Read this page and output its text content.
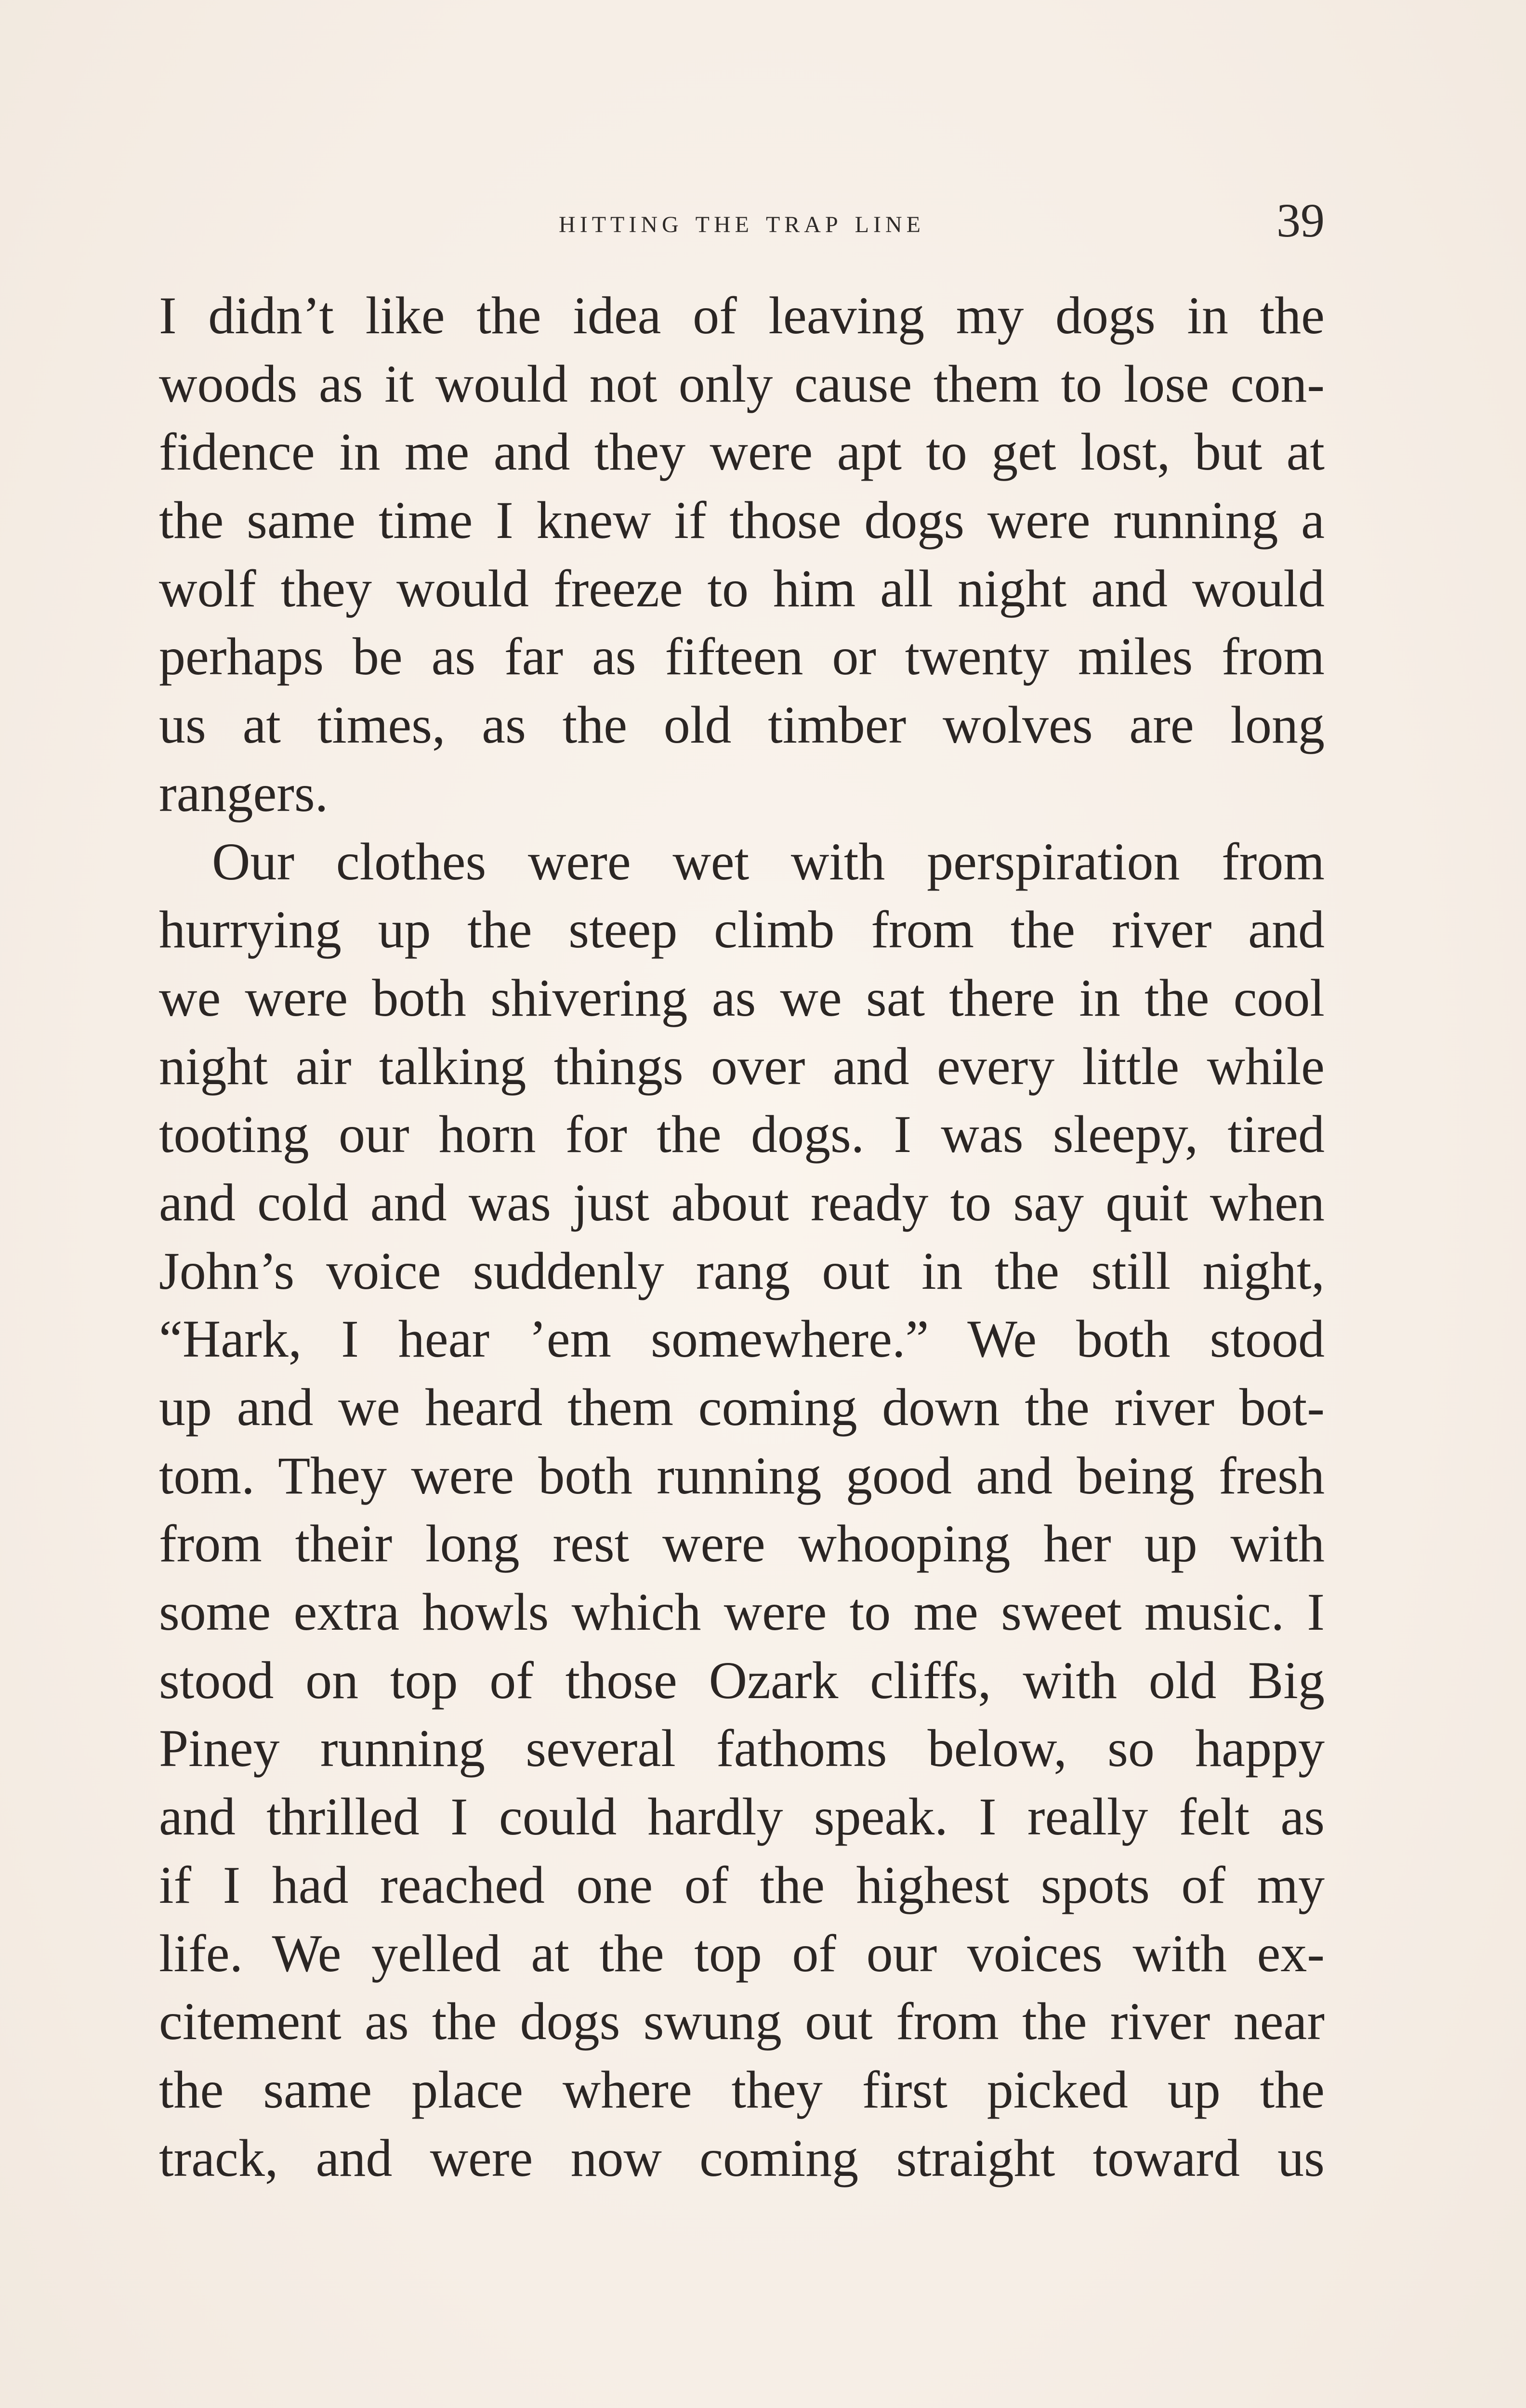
hitting the trap line	39
I didn’t like the idea of leaving my dogs in the
woods as it would not only cause them to lose con-
fidence in me and they were apt to get lost, but at
the same time I knew if those dogs were running a
wolf they would freeze to him all night and would
perhaps be as far as fifteen or twenty miles from
us at times, as the old timber wolves are long
rangers.
Our clothes were wet with perspiration from
hurrying up the steep climb from the river and
we were both shivering as we sat there in the cool
night air talking things over and every little while
tooting our horn for the dogs. I was sleepy, tired
and cold and was just about ready to say quit when
John’s voice suddenly rang out in the still night,
“Hark, I hear ’em somewhere.” We both stood
up and we heard them coming down the river bot-
tom. They were both running good and being fresh
from their long rest were whooping her up with
some extra howls which were to me sweet music. I
stood on top of those Ozark cliffs, with old Big
Piney running several fathoms below, so happy
and thrilled I could hardly speak. I really felt as
if I had reached one of the highest spots of my
life. We yelled at the top of our voices with ex-
citement as the dogs swung out from the river near
the same place where they first picked up the
track, and were now coming straight toward us
